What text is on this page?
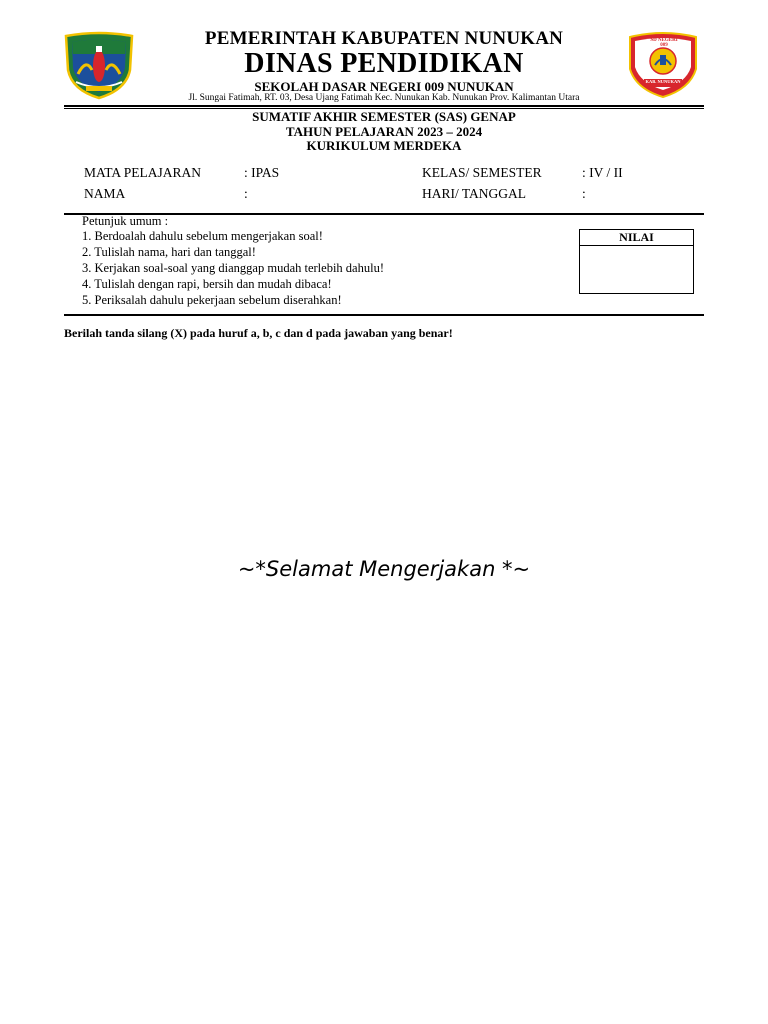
SD NEGERI 009
KAB. NUNUKAN
PEMERINTAH KABUPATEN NUNUKAN
DINAS PENDIDIKAN
SEKOLAH DASAR NEGERI 009 NUNUKAN
Jl. Sungai Fatimah, RT. 03, Desa Ujang Fatimah Kec. Nunukan Kab. Nunukan Prov. Kalimantan Utara
SUMATIF AKHIR SEMESTER (SAS) GENAP
TAHUN PELAJARAN 2023 – 2024
KURIKULUM MERDEKA
MATA PELAJARAN	: IPAS	KELAS/ SEMESTER	: IV / II
NAMA	:	HARI/ TANGGAL	:
Petunjuk umum :
1. Berdoalah dahulu sebelum mengerjakan soal!
2. Tulislah nama, hari dan tanggal!
3. Kerjakan soal-soal yang dianggap mudah terlebih dahulu!
4. Tulislah dengan rapi, bersih dan mudah dibaca!
5. Periksalah dahulu pekerjaan sebelum diserahkan!
NILAI
Berilah tanda silang (X) pada huruf a, b, c dan d pada jawaban yang benar!
~*Selamat Mengerjakan *~
